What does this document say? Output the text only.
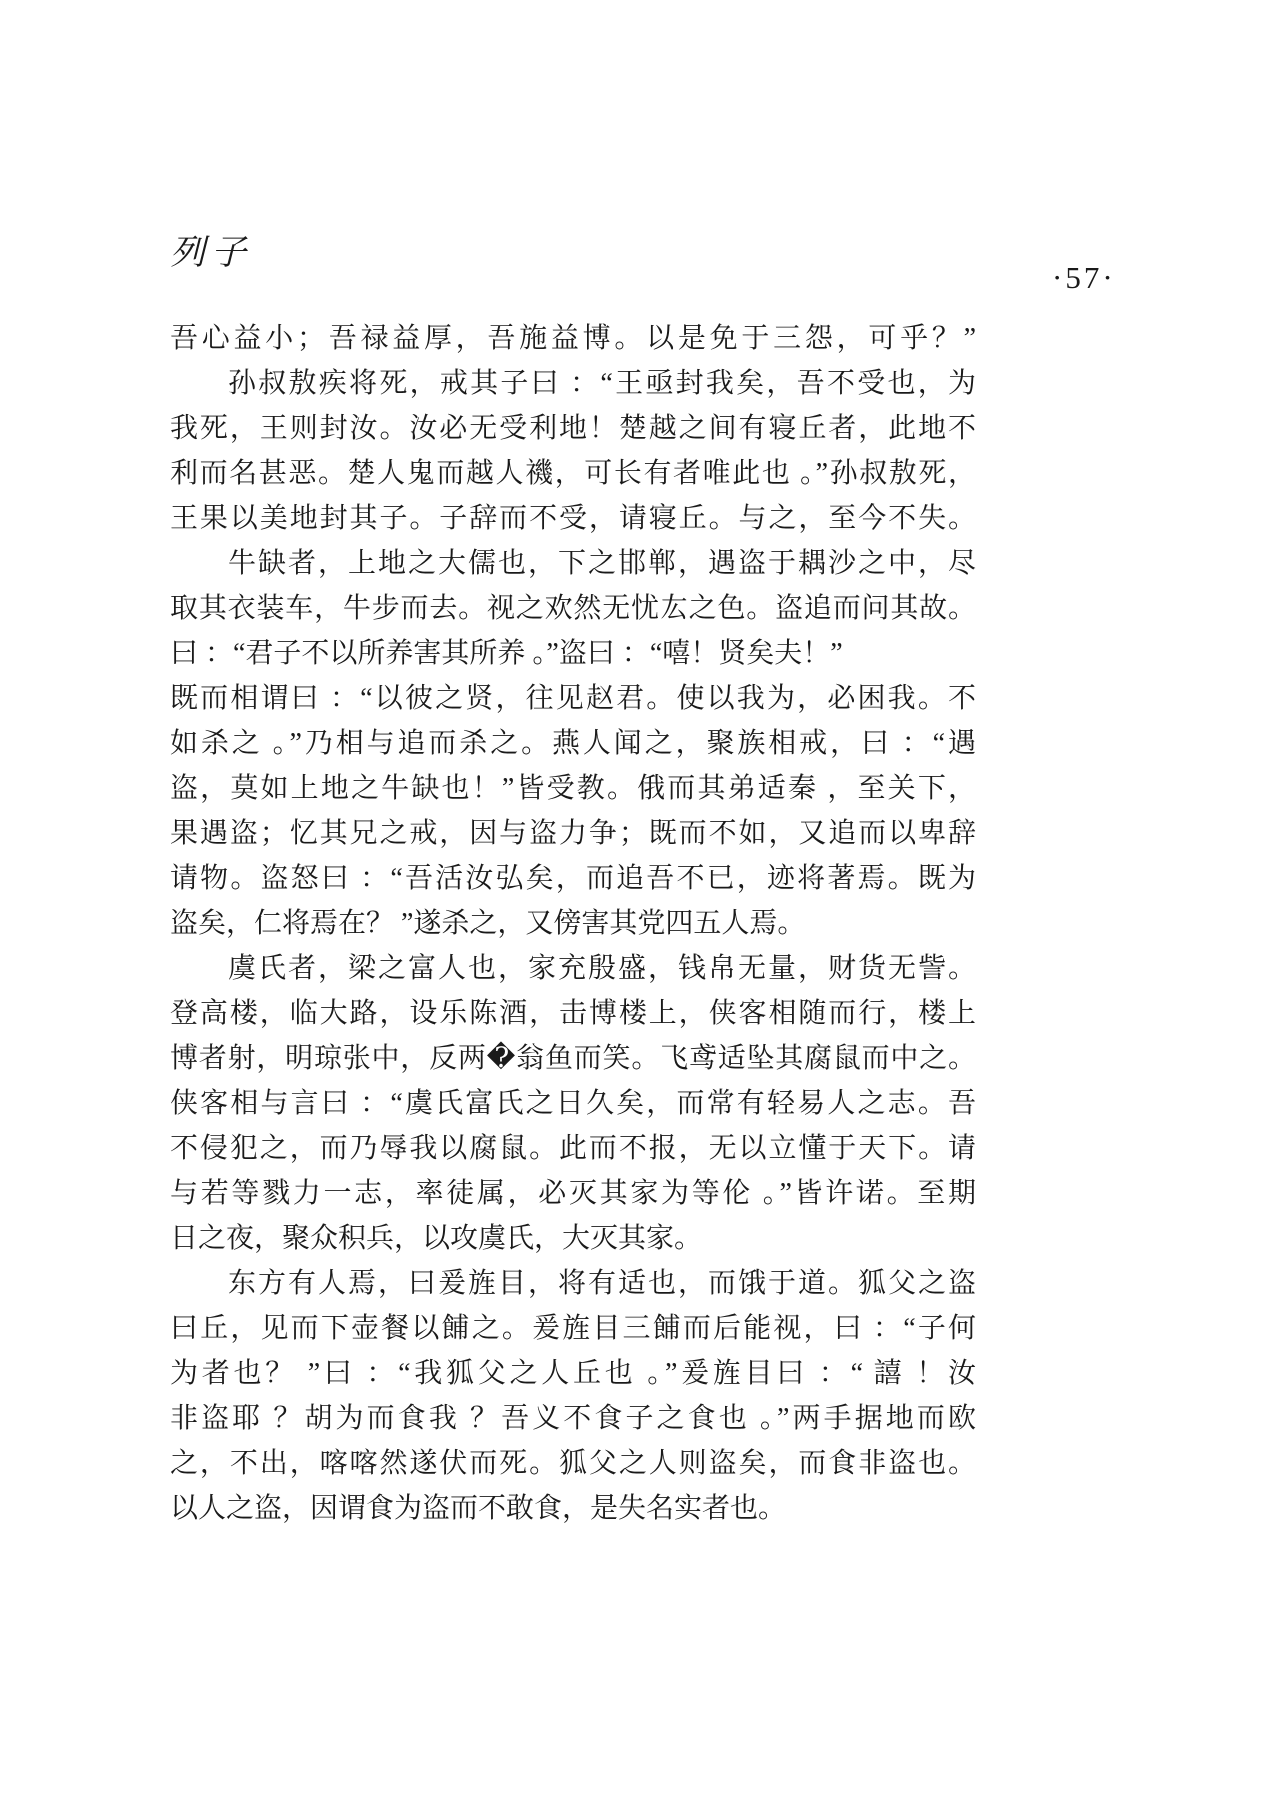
列子
·57·
吾心益小；吾禄益厚，吾施益博。以是免于三怨，可乎？”
孙叔敖疾将死，戒其子曰 ：“王亟封我矣，吾不受也，为
我死，王则封汝。汝必无受利地！楚越之间有寝丘者，此地不
利而名甚恶。楚人鬼而越人禨，可长有者唯此也 。”孙叔敖死，
王果以美地封其子。子辞而不受，请寝丘。与之，至今不失。
牛缺者，上地之大儒也，下之邯郸，遇盗于耦沙之中，尽
取其衣装车，牛步而去。视之欢然无忧厷之色。盗追而问其故。
曰 ：“君子不以所养害其所养 。”盗曰 ：“嘻！贤矣夫！”
既而相谓曰 ：“以彼之贤，往见赵君。使以我为，必困我。不
如杀之 。”乃相与追而杀之。燕人闻之，聚族相戒，曰 ：“遇
盗，莫如上地之牛缺也！”皆受教。俄而其弟适秦 ，至关下，
果遇盗；忆其兄之戒，因与盗力争；既而不如，又追而以卑辞
请物。盗怒曰 ：“吾活汝弘矣，而追吾不已，迹将著焉。既为
盗矣，仁将焉在？ ”遂杀之，又傍害其党四五人焉。
虞氏者，梁之富人也，家充殷盛，钱帛无量，财货无訾。
登高楼，临大路，设乐陈酒，击博楼上，侠客相随而行，楼上
博者射，明琼张中，反两�翁鱼而笑。飞鸢适坠其腐鼠而中之。
侠客相与言曰 ：“虞氏富氏之日久矣，而常有轻易人之志。吾
不侵犯之，而乃辱我以腐鼠。此而不报，无以立懂于天下。请
与若等戮力一志，率徒属，必灭其家为等伦 。”皆许诺。至期
日之夜，聚众积兵，以攻虞氏，大灭其家。
东方有人焉，曰爰旌目，将有适也，而饿于道。狐父之盗
曰丘，见而下壶餐以餔之。爰旌目三餔而后能视，曰 ：“子何
为者也？ ”曰 ：“我狐父之人丘也 。”爰旌目曰 ：“ 譆 ！汝
非盗耶 ？胡为而食我 ？吾义不食子之食也 。”两手据地而欧
之，不出，喀喀然遂伏而死。狐父之人则盗矣，而食非盗也。
以人之盗，因谓食为盗而不敢食，是失名实者也。
